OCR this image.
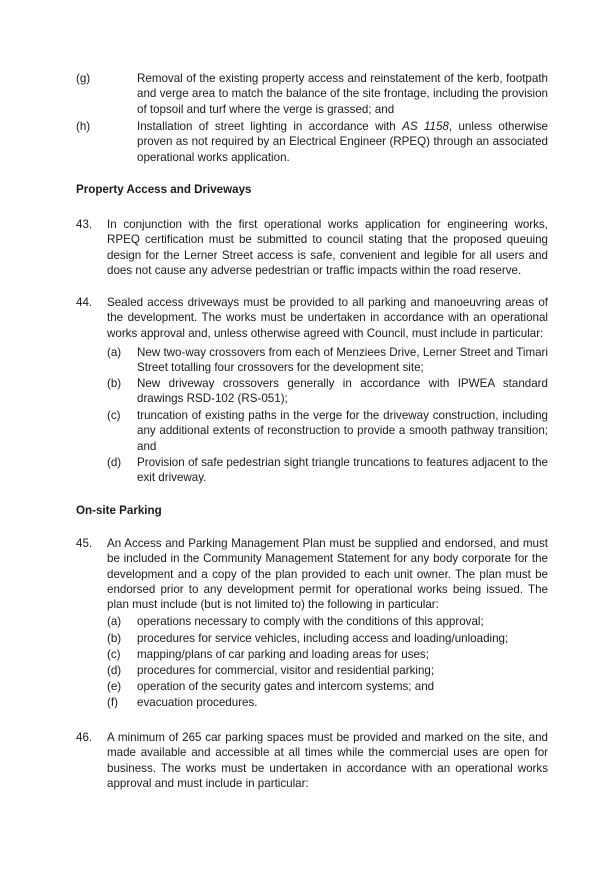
(g)	Removal of the existing property access and reinstatement of the kerb, footpath and verge area to match the balance of the site frontage, including the provision of topsoil and turf where the verge is grassed; and
(h)	Installation of street lighting in accordance with AS 1158, unless otherwise proven as not required by an Electrical Engineer (RPEQ) through an associated operational works application.
Property Access and Driveways
43. In conjunction with the first operational works application for engineering works, RPEQ certification must be submitted to council stating that the proposed queuing design for the Lerner Street access is safe, convenient and legible for all users and does not cause any adverse pedestrian or traffic impacts within the road reserve.
44. Sealed access driveways must be provided to all parking and manoeuvring areas of the development. The works must be undertaken in accordance with an operational works approval and, unless otherwise agreed with Council, must include in particular:
(a) New two-way crossovers from each of Menziees Drive, Lerner Street and Timari Street totalling four crossovers for the development site;
(b) New driveway crossovers generally in accordance with IPWEA standard drawings RSD-102 (RS-051);
(c) truncation of existing paths in the verge for the driveway construction, including any additional extents of reconstruction to provide a smooth pathway transition; and
(d) Provision of safe pedestrian sight triangle truncations to features adjacent to the exit driveway.
On-site Parking
45. An Access and Parking Management Plan must be supplied and endorsed, and must be included in the Community Management Statement for any body corporate for the development and a copy of the plan provided to each unit owner. The plan must be endorsed prior to any development permit for operational works being issued. The plan must include (but is not limited to) the following in particular:
(a) operations necessary to comply with the conditions of this approval;
(b) procedures for service vehicles, including access and loading/unloading;
(c) mapping/plans of car parking and loading areas for uses;
(d) procedures for commercial, visitor and residential parking;
(e) operation of the security gates and intercom systems; and
(f) evacuation procedures.
46. A minimum of 265 car parking spaces must be provided and marked on the site, and made available and accessible at all times while the commercial uses are open for business. The works must be undertaken in accordance with an operational works approval and must include in particular:
